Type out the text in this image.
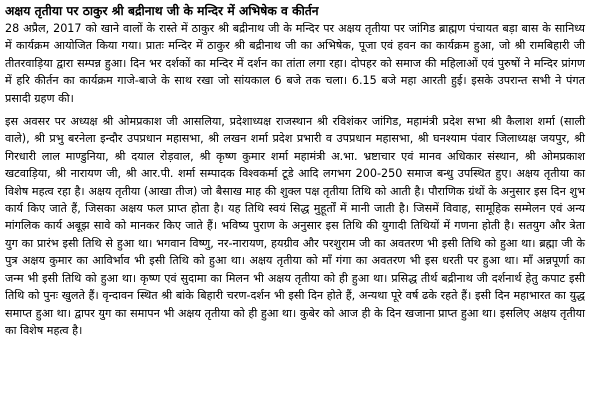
अक्षय तृतीया पर ठाकुर श्री बद्रीनाथ जी के मन्दिर में अभिषेक व कीर्तन

28 अप्रैल, 2017 को खाने वालों के रास्ते में ठाकुर श्री बद्रीनाथ जी के मन्दिर पर अक्षय तृतीया पर जांगिड ब्राह्मण पंचायत बड़ा बास के सानिध्य में कार्यक्रम आयोजित किया गया। प्रातः मन्दिर में ठाकुर श्री बद्रीनाथ जी का अभिषेक, पूजा एवं हवन का कार्यक्रम हुआ, जो श्री रामबिहारी जी तीतरवाड़िया द्वारा सम्पन्न हुआ। दिन भर दर्शकों का मन्दिर में दर्शन का तांता लगा रहा। दोपहर को समाज की महिलाओं एवं पुरुषों ने मन्दिर प्रांगण में हरि कीर्तन का कार्यक्रम गाजे-बाजे के साथ रखा जो सांयकाल 6 बजे तक चला। 6.15 बजे महा आरती हुई। इसके उपरान्त सभी ने पंगत प्रसादी ग्रहण की।

इस अवसर पर अध्यक्ष श्री ओमप्रकाश जी आसलिया, प्रदेशाध्यक्ष राजस्थान श्री रविशंकर जांगिड, महामंत्री प्रदेश सभा श्री कैलाश शर्मा (साली वाले), श्री प्रभु बरनेला इन्दौर उपप्रधान महासभा, श्री लखन शर्मा प्रदेश प्रभारी व उपप्रधान महासभा, श्री घनश्याम पंवार जिलाध्यक्ष जयपुर, श्री गिरधारी लाल माण्डुनिया, श्री दयाल रोड़वाल, श्री कृष्ण कुमार शर्मा महामंत्री अ.भा. भ्रष्टाचार एवं मानव अधिकार संस्थान, श्री ओमप्रकाश खटवाड़िया, श्री नारायण जी, श्री आर.पी. शर्मा सम्पादक विश्वकर्मा टूडे आदि लगभग 200-250 समाज बन्धु उपस्थित हुए। अक्षय तृतीया का विशेष महत्व रहा है। अक्षय तृतीया (आखा तीज) जो बैसाख माह की शुक्ल पक्ष तृतीया तिथि को आती है। पौराणिक ग्रंथों के अनुसार इस दिन शुभ कार्य किए जाते हैं, जिसका अक्षय फल प्राप्त होता है। यह तिथि स्वयं सिद्ध मुहूर्तों में मानी जाती है। जिसमें विवाह, सामूहिक सम्मेलन एवं अन्य मांगलिक कार्य अबूझ सावे को मानकर किए जाते हैं। भविष्य पुराण के अनुसार इस तिथि की युगादी तिथियों में गणना होती है। सतयुग और त्रेता युग का प्रारंभ इसी तिथि से हुआ था। भगवान विष्णु, नर-नारायण, हयग्रीव और परशुराम जी का अवतरण भी इसी तिथि को हुआ था। ब्रह्मा जी के पुत्र अक्षय कुमार का आविर्भाव भी इसी तिथि को हुआ था। अक्षय तृतीया को माँ गंगा का अवतरण भी इस धरती पर हुआ था। माँ अन्नपूर्णा का जन्म भी इसी तिथि को हुआ था। कृष्ण एवं सुदामा का मिलन भी अक्षय तृतीया को ही हुआ था। प्रसिद्ध तीर्थ बद्रीनाथ जी दर्शनार्थ हेतु कपाट इसी तिथि को पुनः खुलते हैं। वृन्दावन स्थित श्री बांके बिहारी चरण-दर्शन भी इसी दिन होते हैं, अन्यथा पूरे वर्ष ढके रहते हैं। इसी दिन महाभारत का युद्ध समाप्त हुआ था। द्वापर युग का समापन भी अक्षय तृतीया को ही हुआ था। कुबेर को आज ही के दिन खजाना प्राप्त हुआ था। इसलिए अक्षय तृतीया का विशेष महत्व है।
